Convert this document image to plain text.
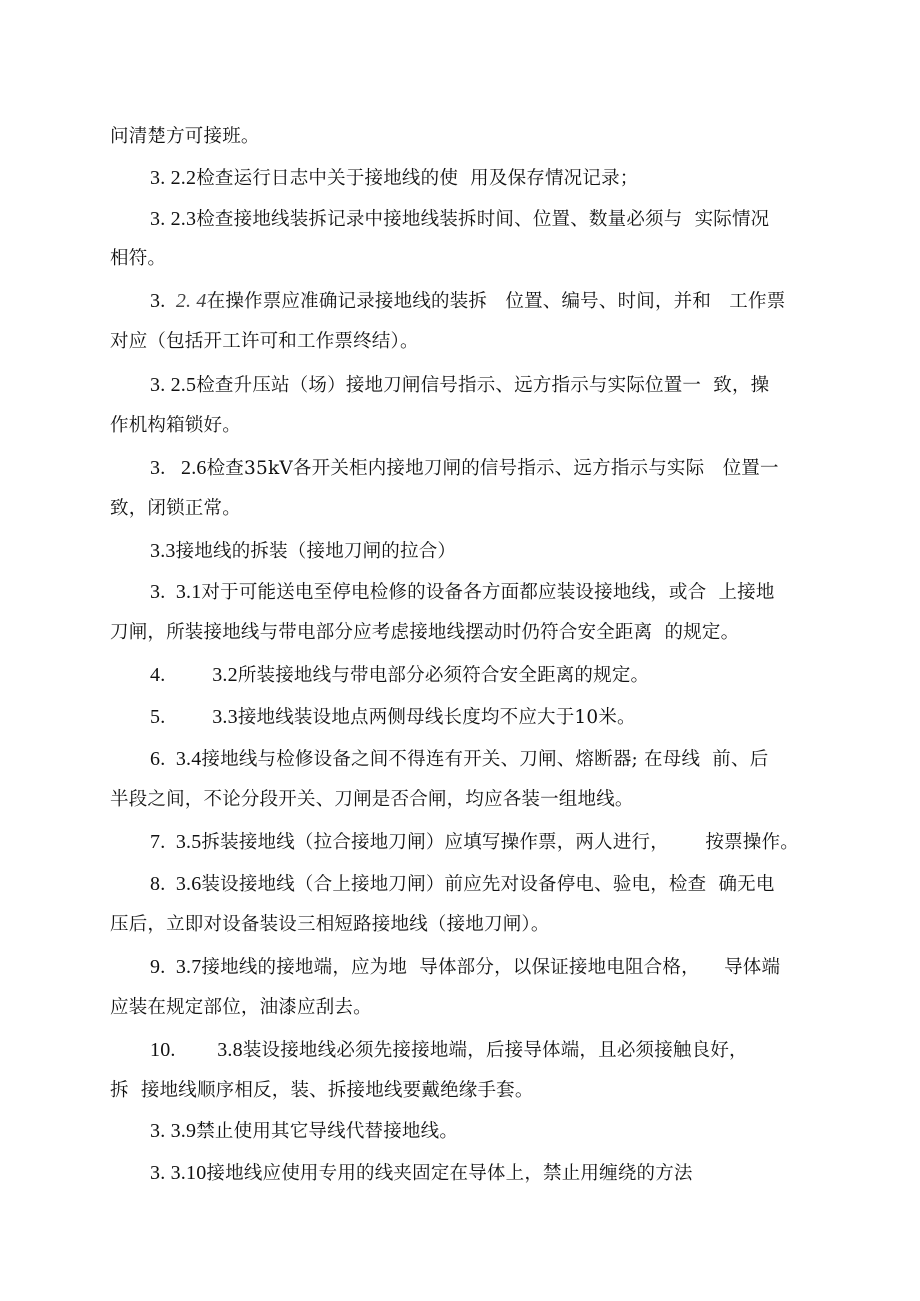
问清楚方可接班。
3. 2.2检查运行日志中关于接地线的使  用及保存情况记录；
3. 2.3检查接地线装拆记录中接地线装拆时间、位置、数量必须与  实际情况
相符。
3.  2. 4在操作票应准确记录接地线的装拆   位置、编号、时间，并和   工作票
对应（包括开工许可和工作票终结）。
3. 2.5检查升压站（场）接地刀闸信号指示、远方指示与实际位置一  致，操
作机构箱锁好。
3.   2.6检查35kV各开关柜内接地刀闸的信号指示、远方指示与实际   位置一
致，闭锁正常。
3.3接地线的拆装（接地刀闸的拉合）
3.  3.1对于可能送电至停电检修的设备各方面都应装设接地线，或合  上接地
刀闸，所装接地线与带电部分应考虑接地线摆动时仍符合安全距离  的规定。
4.         3.2所装接地线与带电部分必须符合安全距离的规定。
5.         3.3接地线装设地点两侧母线长度均不应大于10米。
6.  3.4接地线与检修设备之间不得连有开关、刀闸、熔断器; 在母线  前、后
半段之间，不论分段开关、刀闸是否合闸，均应各装一组地线。
7.  3.5拆装接地线（拉合接地刀闸）应填写操作票，两人进行，      按票操作。
8.  3.6装设接地线（合上接地刀闸）前应先对设备停电、验电，检查  确无电
压后，立即对设备装设三相短路接地线（接地刀闸）。
9.  3.7接地线的接地端，应为地  导体部分，以保证接地电阻合格，    导体端
应装在规定部位，油漆应刮去。
10.        3.8装设接地线必须先接接地端，后接导体端，且必须接触良好，
拆  接地线顺序相反，装、拆接地线要戴绝缘手套。
3. 3.9禁止使用其它导线代替接地线。
3. 3.10接地线应使用专用的线夹固定在导体上，禁止用缠绕的方法
